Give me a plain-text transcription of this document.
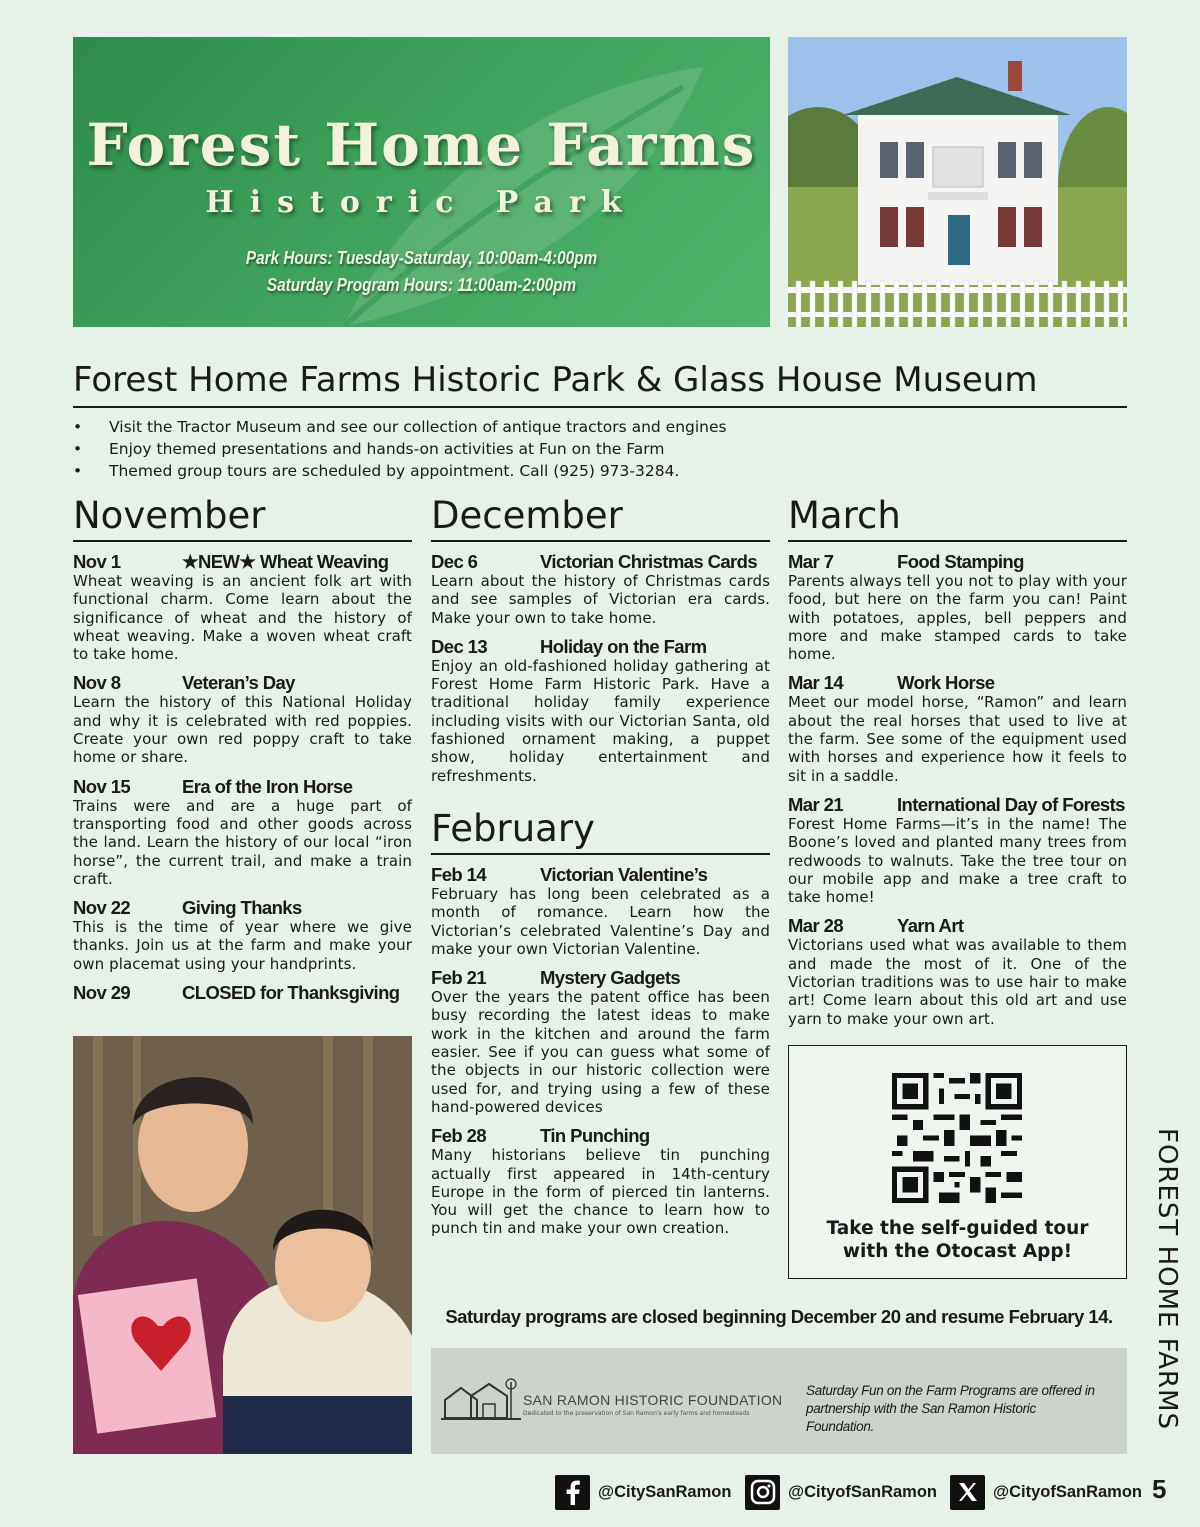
Forest Home Farms
Historic Park
Park Hours: Tuesday-Saturday, 10:00am-4:00pm
Saturday Program Hours: 11:00am-2:00pm
Forest Home Farms Historic Park & Glass House Museum
• Visit the Tractor Museum and see our collection of antique tractors and engines
• Enjoy themed presentations and hands-on activities at Fun on the Farm
• Themed group tours are scheduled by appointment. Call (925) 973-3284.
November
Nov 1	★NEW★ Wheat Weaving
Wheat weaving is an ancient folk art with functional charm. Come learn about the significance of wheat and the history of wheat weaving. Make a woven wheat craft to take home.
Nov 8	Veteran’s Day
Learn the history of this National Holiday and why it is celebrated with red poppies. Create your own red poppy craft to take home or share.
Nov 15	Era of the Iron Horse
Trains were and are a huge part of transporting food and other goods across the land. Learn the history of our local “iron horse”, the current trail, and make a train craft.
Nov 22	Giving Thanks
This is the time of year where we give thanks. Join us at the farm and make your own placemat using your handprints.
Nov 29	CLOSED for Thanksgiving
December
Dec 6	Victorian Christmas Cards
Learn about the history of Christmas cards and see samples of Victorian era cards. Make your own to take home.
Dec 13	Holiday on the Farm
Enjoy an old-fashioned holiday gathering at Forest Home Farm Historic Park. Have a traditional holiday family experience including visits with our Victorian Santa, old fashioned ornament making, a puppet show, holiday entertainment and refreshments.
February
Feb 14	Victorian Valentine’s
February has long been celebrated as a month of romance. Learn how the Victorian’s celebrated Valentine’s Day and make your own Victorian Valentine.
Feb 21	Mystery Gadgets
Over the years the patent office has been busy recording the latest ideas to make work in the kitchen and around the farm easier. See if you can guess what some of the objects in our historic collection were used for, and trying using a few of these hand-powered devices
Feb 28	Tin Punching
Many historians believe tin punching actually first appeared in 14th-century Europe in the form of pierced tin lanterns. You will get the chance to learn how to punch tin and make your own creation.
March
Mar 7	Food Stamping
Parents always tell you not to play with your food, but here on the farm you can! Paint with potatoes, apples, bell peppers and more and make stamped cards to take home.
Mar 14	Work Horse
Meet our model horse, “Ramon” and learn about the real horses that used to live at the farm. See some of the equipment used with horses and experience how it feels to sit in a saddle.
Mar 21	International Day of Forests
Forest Home Farms—it’s in the name! The Boone’s loved and planted many trees from redwoods to walnuts. Take the tree tour on our mobile app and make a tree craft to take home!
Mar 28	Yarn Art
Victorians used what was available to them and made the most of it. One of the Victorian traditions was to use hair to make art! Come learn about this old art and use yarn to make your own art.
Take the self-guided tour
with the Otocast App!
Saturday programs are closed beginning December 20 and resume February 14.
SAN RAMON HISTORIC FOUNDATION
Dedicated to the preservation of San Ramon's early farms and homesteads
Saturday Fun on the Farm Programs are offered in partnership with the San Ramon Historic Foundation.	FOREST HOME FARMS
@CitySanRamon	@CityofSanRamon	@CityofSanRamon 5
